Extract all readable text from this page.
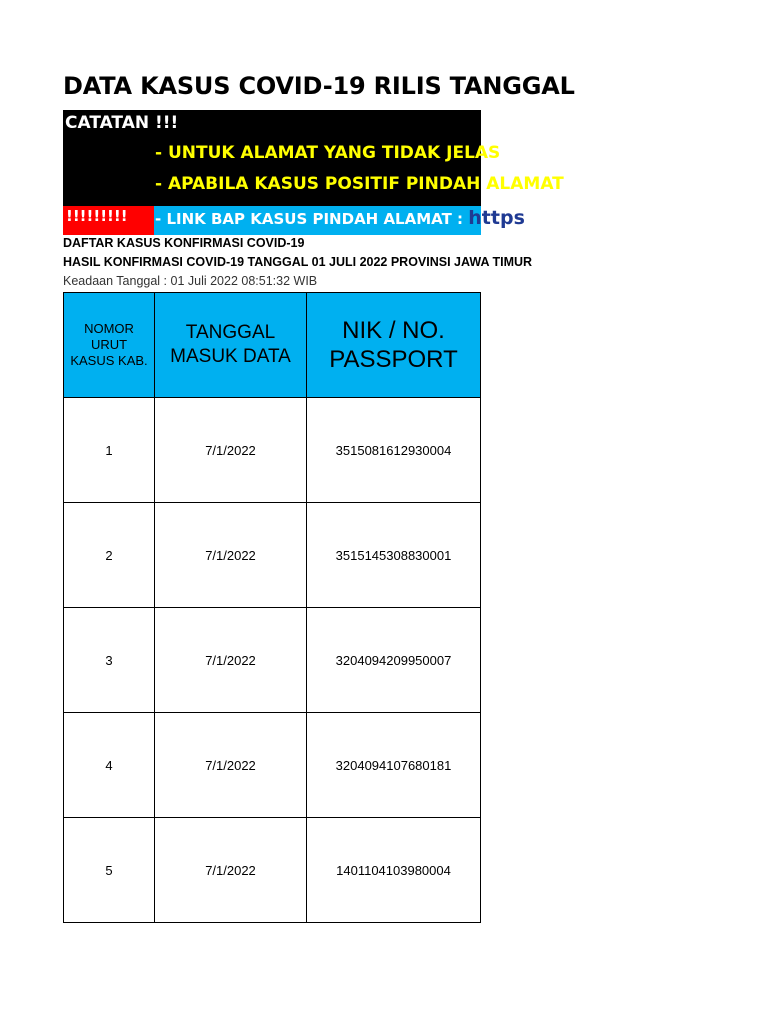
DATA KASUS COVID-19 RILIS TANGGAL
CATATAN !!!
- UNTUK ALAMAT YANG TIDAK JELAS
- APABILA KASUS POSITIF PINDAH ALAMAT
!!!!!!!!! - LINK BAP KASUS PINDAH ALAMAT : https
DAFTAR KASUS KONFIRMASI COVID-19
HASIL KONFIRMASI COVID-19 TANGGAL 01 JULI 2022 PROVINSI JAWA TIMUR
Keadaan Tanggal : 01 Juli 2022 08:51:32 WIB
NOMOR URUT KASUS KAB.	TANGGAL MASUK DATA	NIK / NO. PASSPORT
1	7/1/2022	3515081612930004
2	7/1/2022	3515145308830001
3	7/1/2022	3204094209950007
4	7/1/2022	3204094107680181
5	7/1/2022	1401104103980004
